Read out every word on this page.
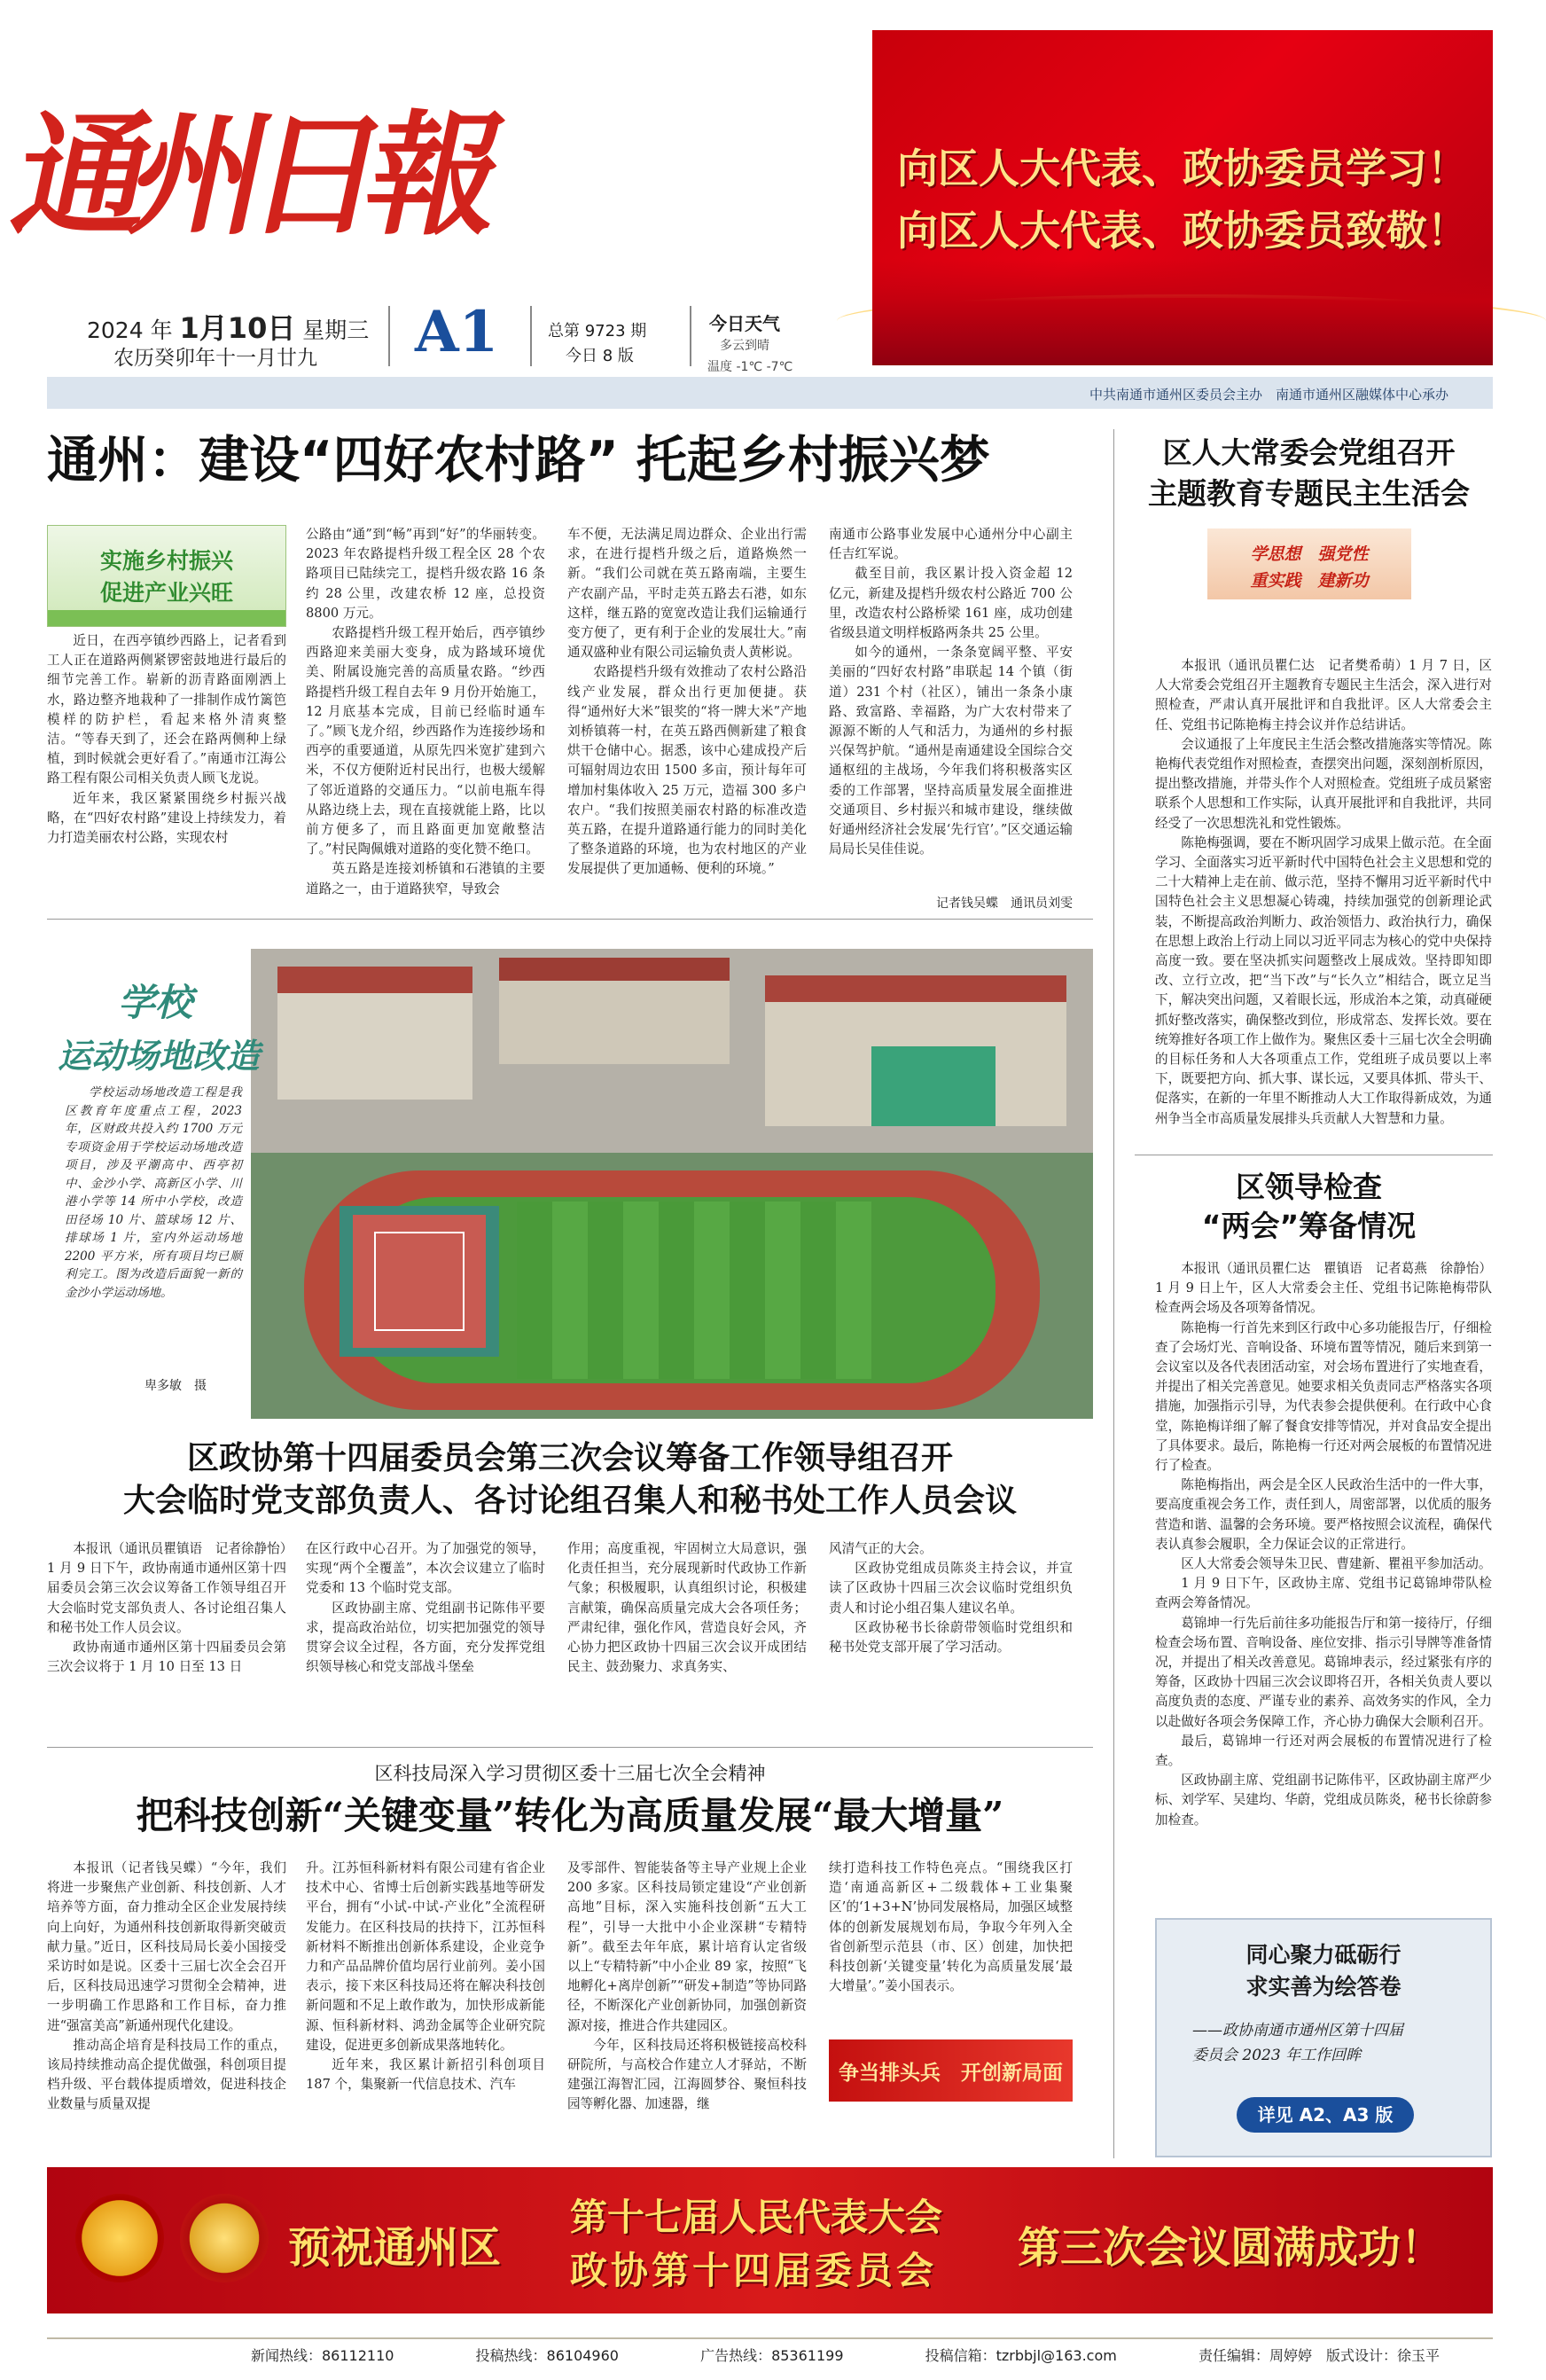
通
州
日
報	向区人大代表、政协委员学习！
向区人大代表、政协委员致敬！
2024 年 1月10日 星期三
农历癸卯年十一月廿九 A1	总第 9723 期
今日 8 版
今日天气
多云到晴
温度 -1℃ -7℃
中共南通市通州区委员会主办　南通市通州区融媒体中心承办
通州：建设“四好农村路” 托起乡村振兴梦
实施乡村振兴
促进产业兴旺

近日，在西亭镇纱西路上，记者看到工人正在道路两侧紧锣密鼓地进行最后的细节完善工作。崭新的沥青路面刚洒上水，路边整齐地栽种了一排制作成竹篱笆模样的防护栏，看起来格外清爽整洁。“等春天到了，还会在路两侧种上绿植，到时候就会更好看了。”南通市江海公路工程有限公司相关负责人顾飞龙说。

近年来，我区紧紧围绕乡村振兴战略，在“四好农村路”建设上持续发力，着力打造美丽农村公路，实现农村

公路由“通”到“畅”再到“好”的华丽转变。2023 年农路提档升级工程全区 28 个农路项目已陆续完工，提档升级农路 16 条约 28 公里，改建农桥 12 座，总投资 8800 万元。

农路提档升级工程开始后，西亭镇纱西路迎来美丽大变身，成为路域环境优美、附属设施完善的高质量农路。“纱西路提档升级工程自去年 9 月份开始施工，12 月底基本完成，目前已经临时通车了。”顾飞龙介绍，纱西路作为连接纱场和西亭的重要通道，从原先四米宽扩建到六米，不仅方便附近村民出行，也极大缓解了邻近道路的交通压力。“以前电瓶车得从路边绕上去，现在直接就能上路，比以前方便多了，而且路面更加宽敞整洁了。”村民陶佩娥对道路的变化赞不绝口。

英五路是连接刘桥镇和石港镇的主要道路之一，由于道路狭窄，导致会

车不便，无法满足周边群众、企业出行需求，在进行提档升级之后，道路焕然一新。“我们公司就在英五路南端，主要生产农副产品，平时走英五路去石港，如东这样，继五路的宽宽改造让我们运输通行变方便了，更有利于企业的发展壮大。”南通双盛种业有限公司运输负责人黄彬说。

农路提档升级有效推动了农村公路沿线产业发展，群众出行更加便捷。获得“通州好大米”银奖的“将一牌大米”产地刘桥镇蒋一村，在英五路西侧新建了粮食烘干仓储中心。据悉，该中心建成投产后可辐射周边农田 1500 多亩，预计每年可增加村集体收入 25 万元，造福 300 多户农户。“我们按照美丽农村路的标准改造英五路，在提升道路通行能力的同时美化了整条道路的环境，也为农村地区的产业发展提供了更加通畅、便利的环境。”

南通市公路事业发展中心通州分中心副主任吉红军说。

截至目前，我区累计投入资金超 12 亿元，新建及提档升级农村公路近 700 公里，改造农村公路桥梁 161 座，成功创建省级县道文明样板路两条共 25 公里。

如今的通州，一条条宽阔平整、平安美丽的“四好农村路”串联起 14 个镇（街道）231 个村（社区），铺出一条条小康路、致富路、幸福路，为广大农村带来了源源不断的人气和活力，为通州的乡村振兴保驾护航。“通州是南通建设全国综合交通枢纽的主战场，今年我们将积极落实区委的工作部署，坚持高质量发展全面推进交通项目、乡村振兴和城市建设，继续做好通州经济社会发展‘先行官’。”区交通运输局局长吴佳佳说。

记者钱吴蝶　通讯员刘雯
学校
运动场地改造

学校运动场地改造工程是我区教育年度重点工程，2023 年，区财政共投入约 1700 万元专项资金用于学校运动场地改造项目，涉及平潮高中、西亭初中、金沙小学、高新区小学、川港小学等 14 所中小学校，改造田径场 10 片、篮球场 12 片、排球场 1 片，室内外运动场地 2200 平方米，所有项目均已顺利完工。图为改造后面貌一新的金沙小学运动场地。

卑多敏　摄
区政协第十四届委员会第三次会议筹备工作领导组召开
大会临时党支部负责人、各讨论组召集人和秘书处工作人员会议

本报讯（通讯员瞿镇语　记者徐静怡）1 月 9 日下午，政协南通市通州区第十四届委员会第三次会议筹备工作领导组召开大会临时党支部负责人、各讨论组召集人和秘书处工作人员会议。

政协南通市通州区第十四届委员会第三次会议将于 1 月 10 日至 13 日

在区行政中心召开。为了加强党的领导，实现“两个全覆盖”，本次会议建立了临时党委和 13 个临时党支部。

区政协副主席、党组副书记陈伟平要求，提高政治站位，切实把加强党的领导贯穿会议全过程，各方面，充分发挥党组织领导核心和党支部战斗堡垒

作用；高度重视，牢固树立大局意识，强化责任担当，充分展现新时代政协工作新气象；积极履职，认真组织讨论，积极建言献策，确保高质量完成大会各项任务；严肃纪律，强化作风，营造良好会风，齐心协力把区政协十四届三次会议开成团结民主、鼓劲聚力、求真务实、

风清气正的大会。

区政协党组成员陈炎主持会议，并宣读了区政协十四届三次会议临时党组织负责人和讨论小组召集人建议名单。

区政协秘书长徐蔚带领临时党组织和秘书处党支部开展了学习活动。

区科技局深入学习贯彻区委十三届七次全会精神
把科技创新“关键变量”转化为高质量发展“最大增量”

本报讯（记者钱吴蝶）“今年，我们将进一步聚焦产业创新、科技创新、人才培养等方面，奋力推动全区企业发展持续向上向好，为通州科技创新取得新突破贡献力量。”近日，区科技局局长姜小国接受采访时如是说。区委十三届七次全会召开后，区科技局迅速学习贯彻全会精神，进一步明确工作思路和工作目标，奋力推进“强富美高”新通州现代化建设。

推动高企培育是科技局工作的重点，该局持续推动高企提优做强，科创项目提档升级、平台载体提质增效，促进科技企业数量与质量双提

升。江苏恒科新材料有限公司建有省企业技术中心、省博士后创新实践基地等研发平台，拥有“小试-中试-产业化”全流程研发能力。在区科技局的扶持下，江苏恒科新材料不断推出创新体系建设，企业竞争力和产品品牌价值均居行业前列。姜小国表示，接下来区科技局还将在解决科技创新问题和不足上敢作敢为，加快形成新能源、恒科新材料、鸿劲金属等企业研究院建设，促进更多创新成果落地转化。

近年来，我区累计新招引科创项目 187 个，集聚新一代信息技术、汽车

及零部件、智能装备等主导产业规上企业 200 多家。区科技局锁定建设“产业创新高地”目标，深入实施科技创新“五大工程”，引导一大批中小企业深耕“专精特新”。截至去年年底，累计培育认定省级以上“专精特新”中小企业 89 家，按照“飞地孵化+离岸创新”“研发+制造”等协同路径，不断深化产业创新协同，加强创新资源对接，推进合作共建园区。

今年，区科技局还将积极链接高校科研院所，与高校合作建立人才驿站，不断建强江海智汇园，江海圆梦谷、聚恒科技园等孵化器、加速器，继

续打造科技工作特色亮点。“围绕我区打造‘南通高新区+二级载体+工业集聚区’的‘1+3+N’协同发展格局，加强区域整体的创新发展规划布局，争取今年列入全省创新型示范县（市、区）创建，加快把科技创新‘关键变量’转化为高质量发展‘最大增量’。”姜小国表示。

争当排头兵　开创新局面
区人大常委会党组召开
主题教育专题民主生活会
学思想　强党性
重实践　建新功

本报讯（通讯员瞿仁达　记者樊希萌）1 月 7 日，区人大常委会党组召开主题教育专题民主生活会，深入进行对照检查，严肃认真开展批评和自我批评。区人大常委会主任、党组书记陈艳梅主持会议并作总结讲话。

会议通报了上年度民主生活会整改措施落实等情况。陈艳梅代表党组作对照检查，查摆突出问题，深刻剖析原因，提出整改措施，并带头作个人对照检查。党组班子成员紧密联系个人思想和工作实际，认真开展批评和自我批评，共同经受了一次思想洗礼和党性锻炼。

陈艳梅强调，要在不断巩固学习成果上做示范。在全面学习、全面落实习近平新时代中国特色社会主义思想和党的二十大精神上走在前、做示范，坚持不懈用习近平新时代中国特色社会主义思想凝心铸魂，持续加强党的创新理论武装，不断提高政治判断力、政治领悟力、政治执行力，确保在思想上政治上行动上同以习近平同志为核心的党中央保持高度一致。要在坚决抓实问题整改上展成效。坚持即知即改、立行立改，把“当下改”与“长久立”相结合，既立足当下，解决突出问题，又着眼长远，形成治本之策，动真碰硬抓好整改落实，确保整改到位，形成常态、发挥长效。要在统筹推好各项工作上做作为。聚焦区委十三届七次全会明确的目标任务和人大各项重点工作，党组班子成员要以上率下，既要把方向、抓大事、谋长远，又要具体抓、带头干、促落实，在新的一年里不断推动人大工作取得新成效，为通州争当全市高质量发展排头兵贡献人大智慧和力量。

区领导检查
“两会”筹备情况

本报讯（通讯员瞿仁达　瞿镇语　记者葛燕　徐静怡）1 月 9 日上午，区人大常委会主任、党组书记陈艳梅带队检查两会场及各项筹备情况。

陈艳梅一行首先来到区行政中心多功能报告厅，仔细检查了会场灯光、音响设备、环境布置等情况，随后来到第一会议室以及各代表团活动室，对会场布置进行了实地查看，并提出了相关完善意见。她要求相关负责同志严格落实各项措施，加强指示引导，为代表参会提供便利。在行政中心食堂，陈艳梅详细了解了餐食安排等情况，并对食品安全提出了具体要求。最后，陈艳梅一行还对两会展板的布置情况进行了检查。

陈艳梅指出，两会是全区人民政治生活中的一件大事，要高度重视会务工作，责任到人，周密部署，以优质的服务营造和谐、温馨的会务环境。要严格按照会议流程，确保代表认真参会履职，全力保证会议的正常进行。

区人大常委会领导朱卫民、曹建新、瞿祖平参加活动。

1 月 9 日下午，区政协主席、党组书记葛锦坤带队检查两会筹备情况。

葛锦坤一行先后前往多功能报告厅和第一接待厅，仔细检查会场布置、音响设备、座位安排、指示引导牌等准备情况，并提出了相关改善意见。葛锦坤表示，经过紧张有序的筹备，区政协十四届三次会议即将召开，各相关负责人要以高度负责的态度、严谨专业的素养、高效务实的作风，全力以赴做好各项会务保障工作，齐心协力确保大会顺利召开。

最后，葛锦坤一行还对两会展板的布置情况进行了检查。

区政协副主席、党组副书记陈伟平，区政协副主席严少标、刘学军、吴建均、华蔚，党组成员陈炎，秘书长徐蔚参加检查。

同心聚力砥砺行
求实善为绘答卷
——政协南通市通州区第十四届
委员会 2023 年工作回眸
详见 A2、A3 版
预祝通州区
第十七届人民代表大会
政协第十四届委员会 第三次会议圆满成功！
新闻热线：86112110	投稿热线：86104960	广告热线：85361199	投稿信箱：tzrbbjl@163.com	责任编辑：周婷婷　版式设计：徐玉平
